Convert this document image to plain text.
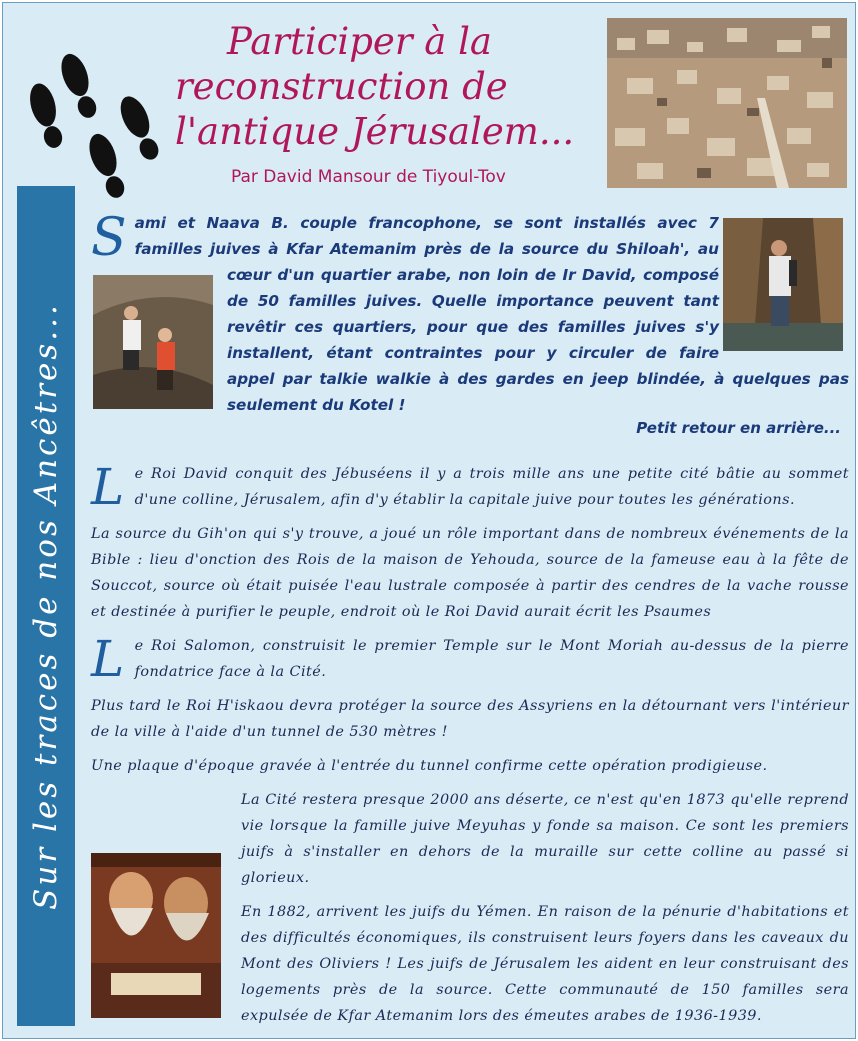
Sur les traces de nos Ancêtres...
Participer à la
reconstruction de
l'antique Jérusalem...
Par David Mansour de Tiyoul-Tov

S ami et Naava B. couple francophone, se sont installés avec 7 familles juives à Kfar Atemanim près de la source du Shiloah', au cœur d'un quartier arabe, non loin de Ir David, composé de 50 familles juives. Quelle importance peuvent tant revêtir ces quartiers, pour que des familles juives s'y installent, étant contraintes pour y circuler de faire appel par talkie walkie à des gardes en jeep blindée, à quelques pas seulement du Kotel !

Petit retour en arrière...

Le Roi David conquit des Jébuséens il y a trois mille ans une petite cité bâtie au sommet d'une colline, Jérusalem, afin d'y établir la capitale juive pour toutes les générations.

La source du Gih'on qui s'y trouve, a joué un rôle important dans de nombreux événements de la Bible : lieu d'onction des Rois de la maison de Yehouda, source de la fameuse eau à la fête de Souccot, source où était puisée l'eau lustrale composée à partir des cendres de la vache rousse et destinée à purifier le peuple, endroit où le Roi David aurait écrit les Psaumes

Le Roi Salomon, construisit le premier Temple sur le Mont Moriah au-dessus de la pierre fondatrice face à la Cité.

Plus tard le Roi H'iskaou devra protéger la source des Assyriens en la détournant vers l'intérieur de la ville à l'aide d'un tunnel de 530 mètres !

Une plaque d'époque gravée à l'entrée du tunnel confirme cette opération prodigieuse.

La Cité restera presque 2000 ans déserte, ce n'est qu'en 1873 qu'elle reprend vie lorsque la famille juive Meyuhas y fonde sa maison. Ce sont les premiers juifs à s'installer en dehors de la muraille sur cette colline au passé si glorieux.

En 1882, arrivent les juifs du Yémen. En raison de la pénurie d'habitations et des difficultés économiques, ils construisent leurs foyers dans les caveaux du Mont des Oliviers ! Les juifs de Jérusalem les aident en leur construisant des logements près de la source. Cette communauté de 150 familles sera expulsée de Kfar Atemanim lors des émeutes arabes de 1936-1939.
